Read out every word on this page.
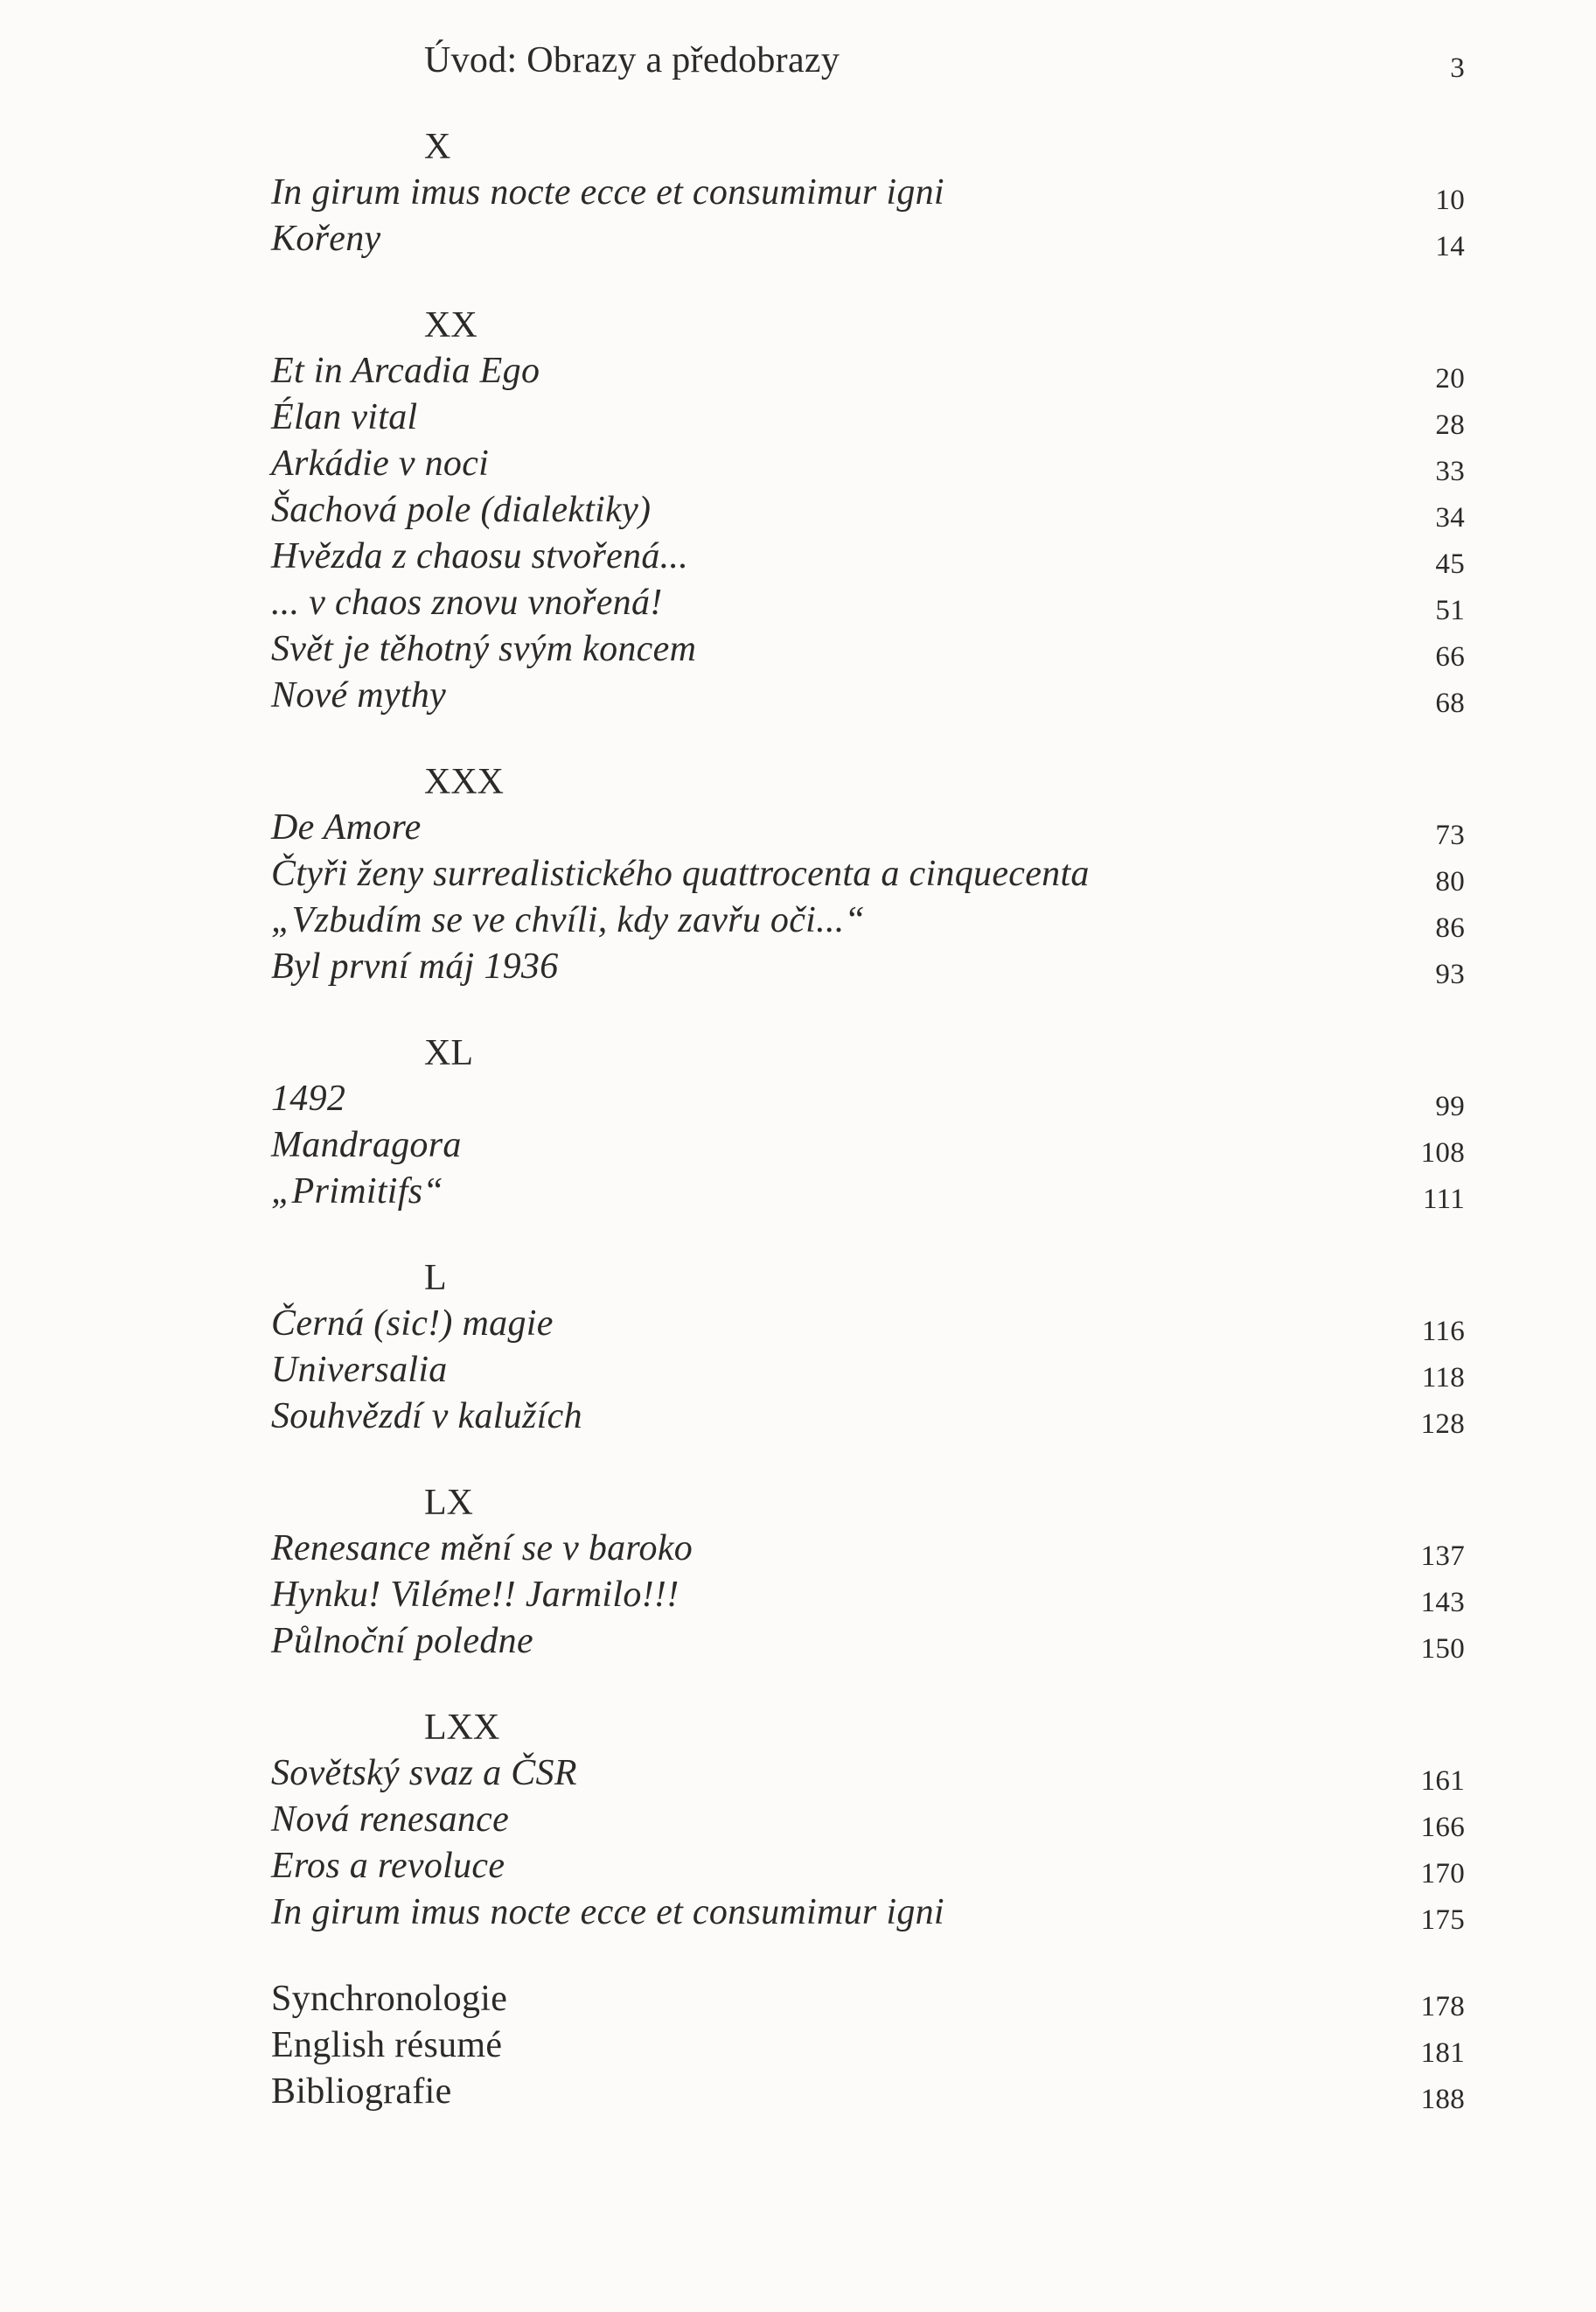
Úvod: Obrazy a předobrazy	3
X
In girum imus nocte ecce et consumimur igni	10
Kořeny	14
XX
Et in Arcadia Ego	20
Élan vital	28
Arkádie v noci	33
Šachová pole (dialektiky)	34
Hvězda z chaosu stvořená...	45
... v chaos znovu vnořená!	51
Svět je těhotný svým koncem	66
Nové mythy	68
XXX
De Amore	73
Čtyři ženy surrealistického quattrocenta a cinquecenta	80
„Vzbudím se ve chvíli, kdy zavřu oči...“	86
Byl první máj 1936	93
XL
1492	99
Mandragora	108
„Primitifs“	111
L
Černá (sic!) magie	116
Universalia	118
Souhvězdí v kalužích	128
LX
Renesance mění se v baroko	137
Hynku! Viléme!! Jarmilo!!!	143
Půlnoční poledne	150
LXX
Sovětský svaz a ČSR	161
Nová renesance	166
Eros a revoluce	170
In girum imus nocte ecce et consumimur igni	175
Synchronologie	178
English résumé	181
Bibliografie	188
